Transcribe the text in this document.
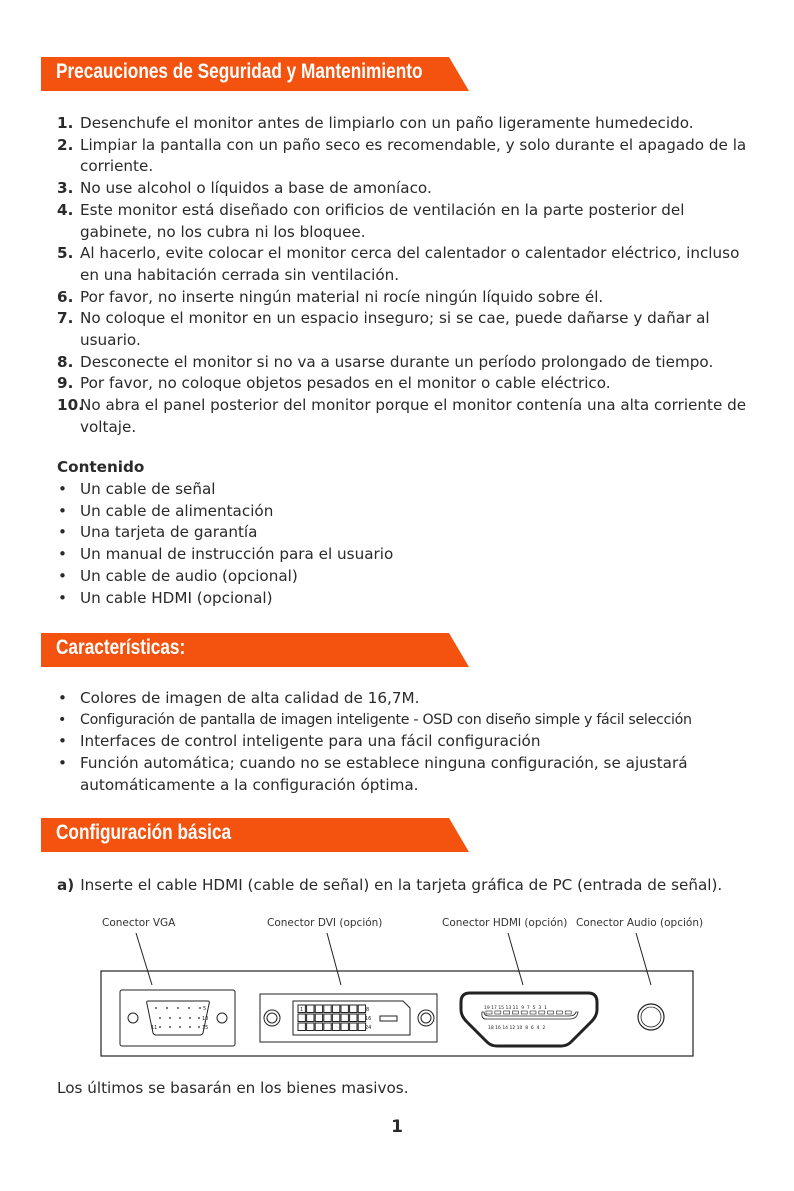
Precauciones de Seguridad y Mantenimiento
1. Desenchufe el monitor antes de limpiarlo con un paño ligeramente humedecido.
2. Limpiar la pantalla con un paño seco es recomendable, y solo durante el apagado de la corriente.
3. No use alcohol o líquidos a base de amoníaco.
4. Este monitor está diseñado con orificios de ventilación en la parte posterior del gabinete, no los cubra ni los bloquee.
5. Al hacerlo, evite colocar el monitor cerca del calentador o calentador eléctrico, incluso en una habitación cerrada sin ventilación.
6. Por favor, no inserte ningún material ni rocíe ningún líquido sobre él.
7. No coloque el monitor en un espacio inseguro; si se cae, puede dañarse y dañar al usuario.
8. Desconecte el monitor si no va a usarse durante un período prolongado de tiempo.
9. Por favor, no coloque objetos pesados en el monitor o cable eléctrico.
10.
No abra el panel posterior del monitor porque el monitor contenía una alta corriente de voltaje.
Contenido
• Un cable de señal
• Un cable de alimentación
• Una tarjeta de garantía
• Un manual de instrucción para el usuario
• Un cable de audio (opcional)
• Un cable HDMI (opcional)
Características:
• Colores de imagen de alta calidad de 16,7M.
• Configuración de pantalla de imagen inteligente - OSD con diseño simple y fácil selección
• Interfaces de control inteligente para una fácil configuración
• Función automática; cuando no se establece ninguna configuración, se ajustará automáticamente a la configuración óptima.
Configuración básica
a) Inserte el cable HDMI (cable de señal) en la tarjeta gráfica de PC (entrada de señal).
Conector VGA	Conector DVI (opción)	Conector HDMI (opción) Conector Audio (opción)
5
10
11	15
1	8
16
24
19 17 15 13 11  9  7  5  3  1
18 16 14 12 10  8  6  4  2
Los últimos se basarán en los bienes masivos.
1
